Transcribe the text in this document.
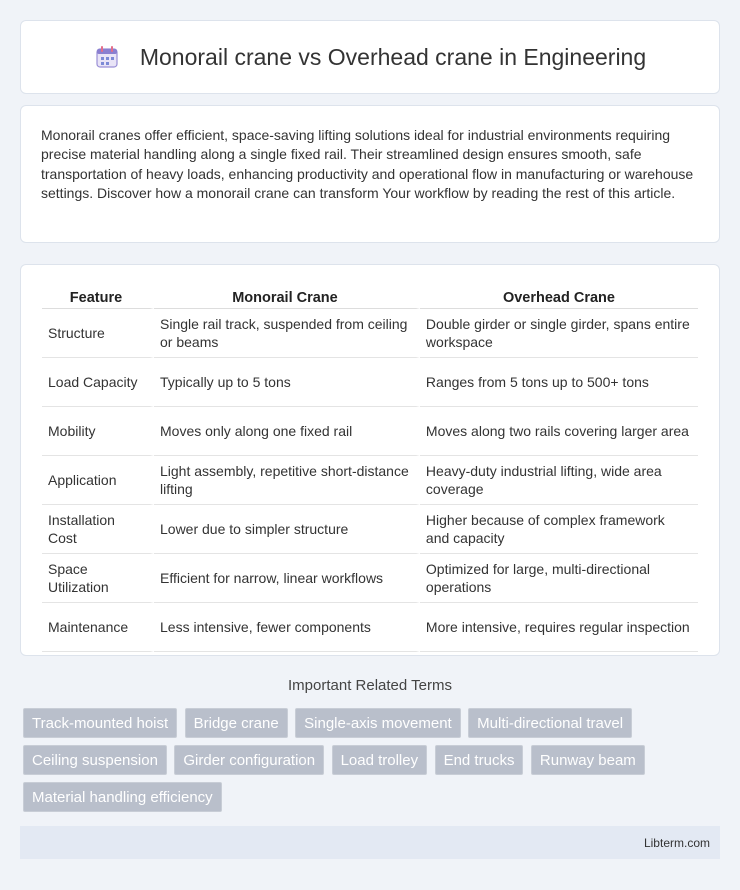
Monorail crane vs Overhead crane in Engineering

Monorail cranes offer efficient, space-saving lifting solutions ideal for industrial environments requiring precise material handling along a single fixed rail. Their streamlined design ensures smooth, safe transportation of heavy loads, enhancing productivity and operational flow in manufacturing or warehouse settings. Discover how a monorail crane can transform Your workflow by reading the rest of this article.

Feature	Monorail Crane	Overhead Crane
Structure	Single rail track, suspended from ceiling or beams	Double girder or single girder, spans entire workspace
Load Capacity	Typically up to 5 tons	Ranges from 5 tons up to 500+ tons
Mobility	Moves only along one fixed rail	Moves along two rails covering larger area
Application	Light assembly, repetitive short-distance lifting	Heavy-duty industrial lifting, wide area coverage
Installation Cost	Lower due to simpler structure	Higher because of complex framework and capacity
Space Utilization	Efficient for narrow, linear workflows	Optimized for large, multi-directional operations
Maintenance	Less intensive, fewer components	More intensive, requires regular inspection
Important Related Terms
Track-mounted hoist Bridge crane Single-axis movement Multi-directional travel Ceiling suspension Girder configuration Load trolley End trucks Runway beam Material handling efficiency
Libterm.com
